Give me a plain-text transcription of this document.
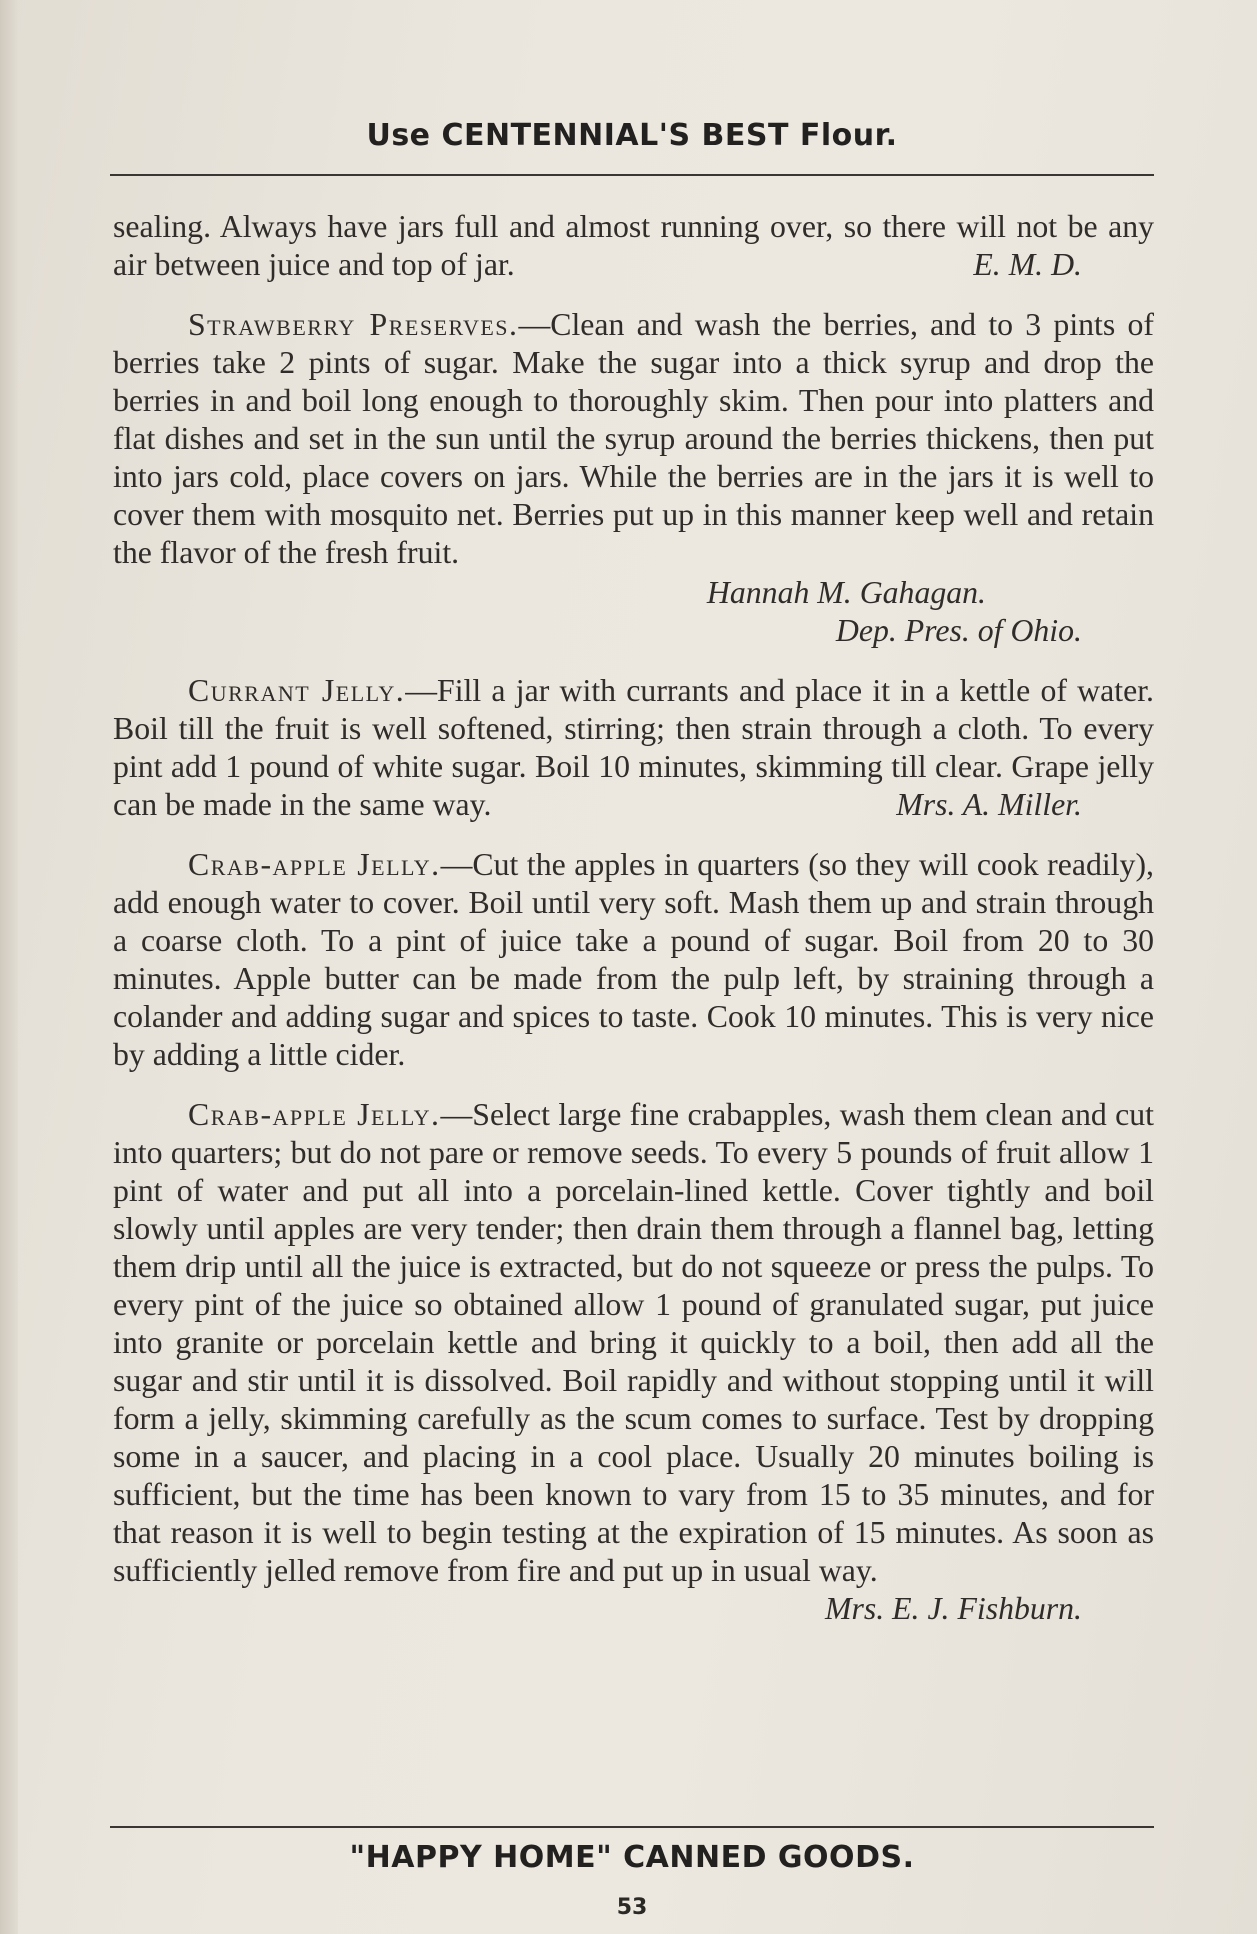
Use CENTENNIAL'S BEST Flour.

sealing. Always have jars full and almost running over, so there will not be any air between juice and top of jar.	E. M. D.

Strawberry Preserves.—Clean and wash the berries, and to 3 pints of berries take 2 pints of sugar. Make the sugar into a thick syrup and drop the berries in and boil long enough to thoroughly skim. Then pour into platters and flat dishes and set in the sun until the syrup around the berries thickens, then put into jars cold, place covers on jars. While the berries are in the jars it is well to cover them with mosquito net. Berries put up in this manner keep well and retain the flavor of the fresh fruit.

Hannah M. Gahagan.
Dep. Pres. of Ohio.

Currant Jelly.—Fill a jar with currants and place it in a kettle of water. Boil till the fruit is well softened, stirring; then strain through a cloth. To every pint add 1 pound of white sugar. Boil 10 minutes, skimming till clear. Grape jelly can be made in the same way.	Mrs. A. Miller.

Crab-apple Jelly.—Cut the apples in quarters (so they will cook readily), add enough water to cover. Boil until very soft. Mash them up and strain through a coarse cloth. To a pint of juice take a pound of sugar. Boil from 20 to 30 minutes. Apple butter can be made from the pulp left, by straining through a colander and adding sugar and spices to taste. Cook 10 minutes. This is very nice by adding a little cider.

Crab-apple Jelly.—Select large fine crabapples, wash them clean and cut into quarters; but do not pare or remove seeds. To every 5 pounds of fruit allow 1 pint of water and put all into a porcelain-lined kettle. Cover tightly and boil slowly until apples are very tender; then drain them through a flannel bag, letting them drip until all the juice is extracted, but do not squeeze or press the pulps. To every pint of the juice so obtained allow 1 pound of granulated sugar, put juice into granite or porcelain kettle and bring it quickly to a boil, then add all the sugar and stir until it is dissolved. Boil rapidly and without stopping until it will form a jelly, skimming carefully as the scum comes to surface. Test by dropping some in a saucer, and placing in a cool place. Usually 20 minutes boiling is sufficient, but the time has been known to vary from 15 to 35 minutes, and for that reason it is well to begin testing at the expiration of 15 minutes. As soon as sufficiently jelled remove from fire and put up in usual way.
Mrs. E. J. Fishburn.

"HAPPY HOME" CANNED GOODS.
53
